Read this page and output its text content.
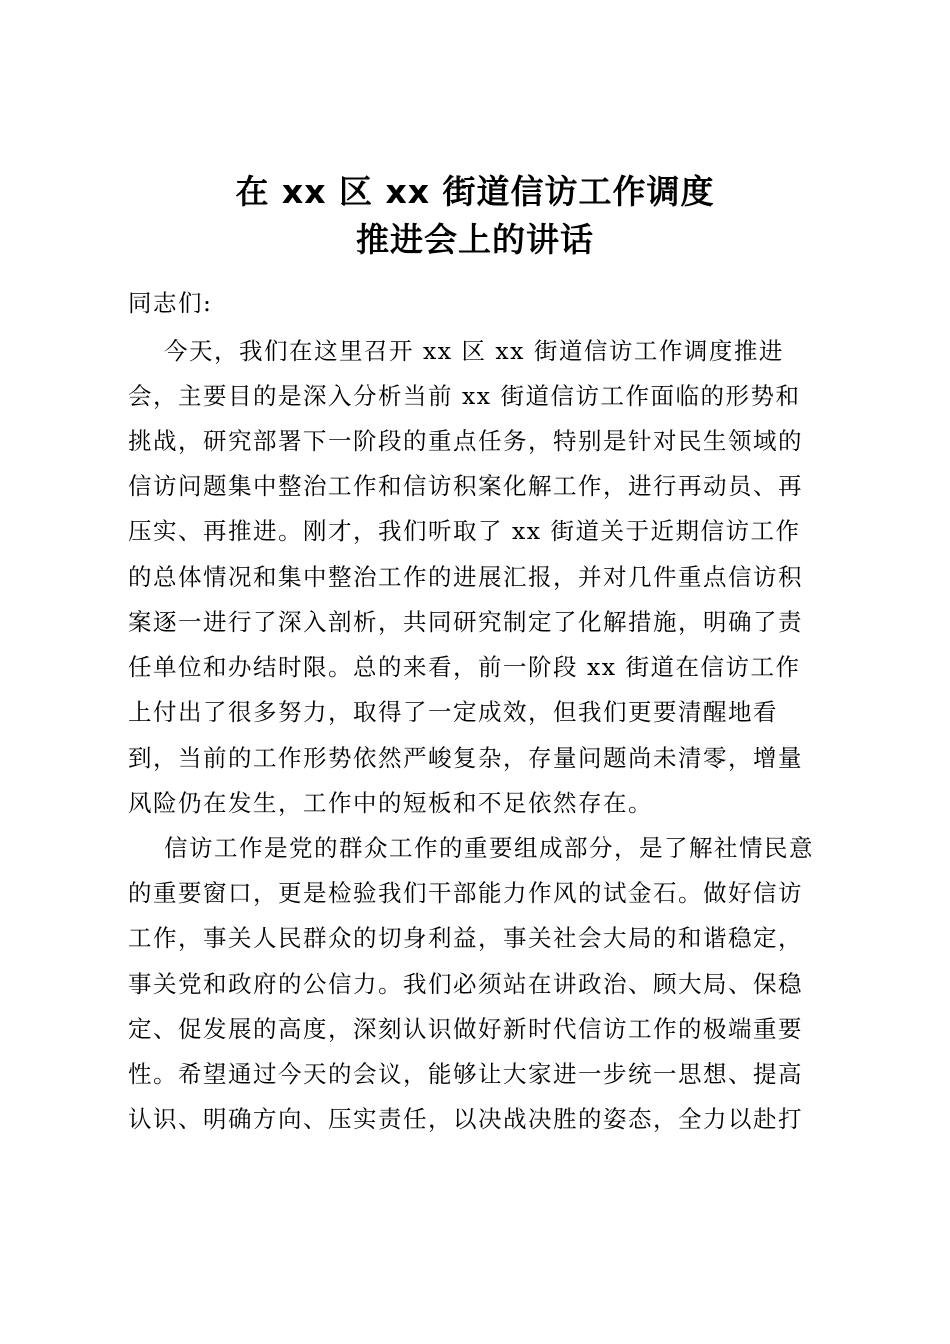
在 xx 区 xx 街道信访工作调度
推进会上的讲话
同志们:
今天，我们在这里召开 xx 区 xx 街道信访工作调度推进
会，主要目的是深入分析当前 xx 街道信访工作面临的形势和
挑战，研究部署下一阶段的重点任务，特别是针对民生领域的
信访问题集中整治工作和信访积案化解工作，进行再动员、再
压实、再推进。刚才，我们听取了 xx 街道关于近期信访工作
的总体情况和集中整治工作的进展汇报，并对几件重点信访积
案逐一进行了深入剖析，共同研究制定了化解措施，明确了责
任单位和办结时限。总的来看，前一阶段 xx 街道在信访工作
上付出了很多努力，取得了一定成效，但我们更要清醒地看
到，当前的工作形势依然严峻复杂，存量问题尚未清零，增量
风险仍在发生，工作中的短板和不足依然存在。
信访工作是党的群众工作的重要组成部分，是了解社情民意
的重要窗口，更是检验我们干部能力作风的试金石。做好信访
工作，事关人民群众的切身利益，事关社会大局的和谐稳定，
事关党和政府的公信力。我们必须站在讲政治、顾大局、保稳
定、促发展的高度，深刻认识做好新时代信访工作的极端重要
性。希望通过今天的会议，能够让大家进一步统一思想、提高
认识、明确方向、压实责任，以决战决胜的姿态，全力以赴打
